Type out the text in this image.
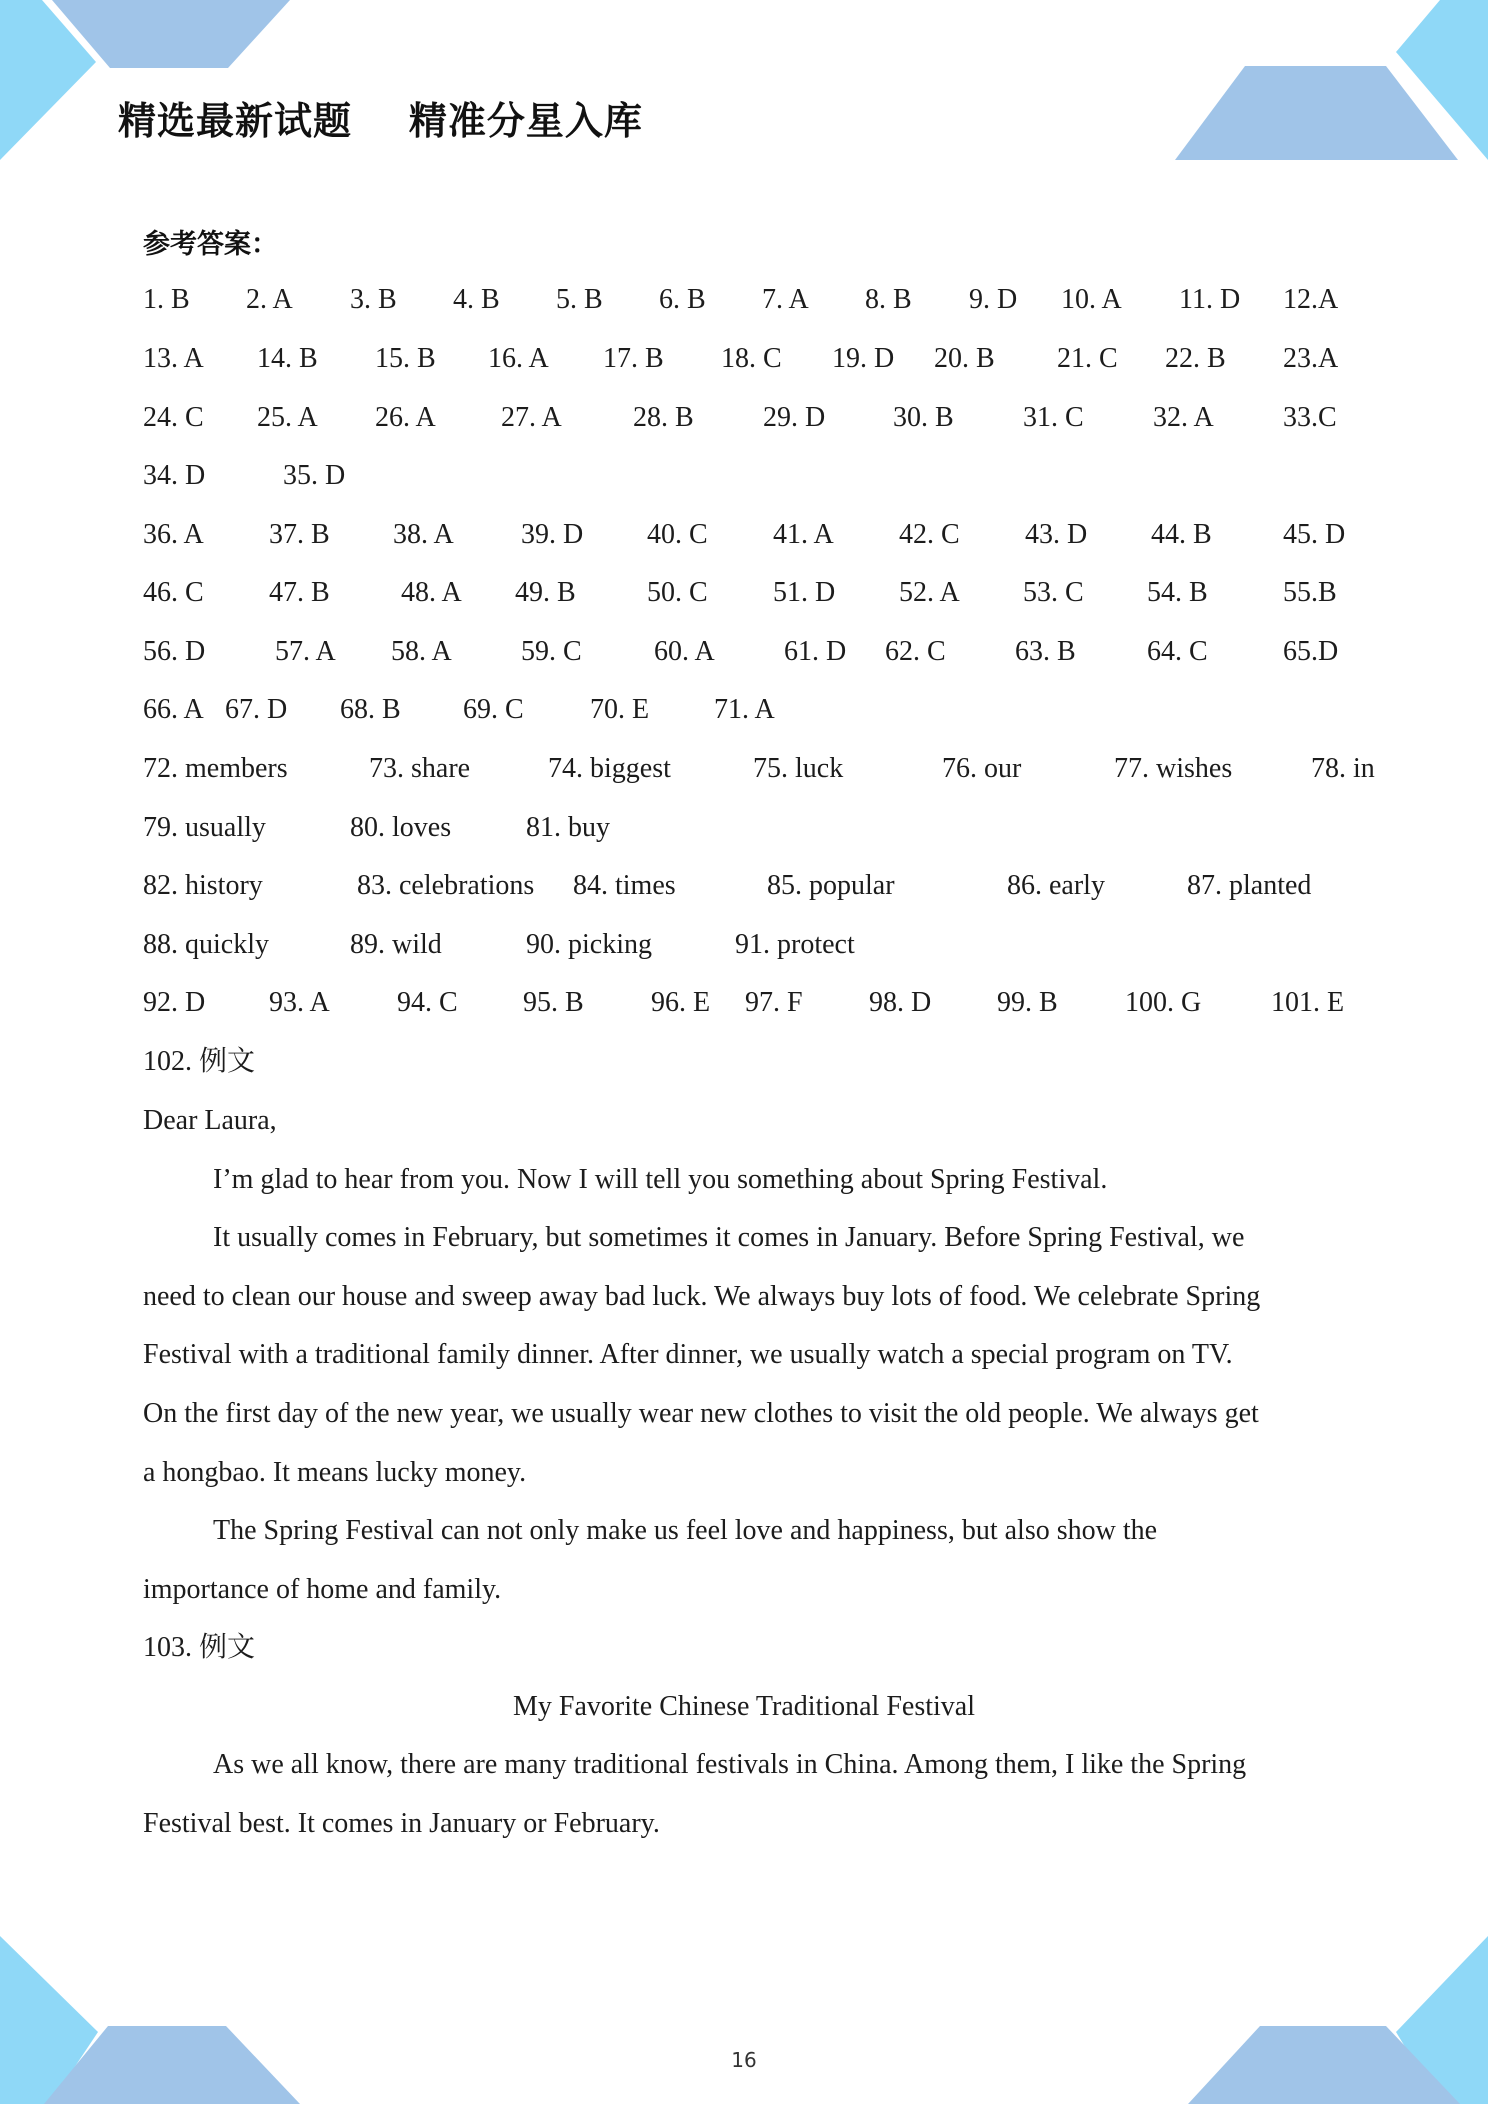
精选最新试题    精准分星入库
参考答案：
1. B 2. A 3. B 4. B 5. B 6. B 7. A 8. B 9. D 10. A 11. D 12.A
13. A 14. B 15. B 16. A 17. B 18. C 19. D 20. B 21. C 22. B 23.A
24. C 25. A 26. A 27. A	28. B 29. D 30. B 31. C 32. A 33.C
34. D	35. D
36. A 37. B 38. A 39. D 40. C 41. A 42. C 43. D 44. B	45. D
46. C 47. B	48. A 49. B	50. C 51. D 52. A 53. C 54. B	55.B
56. D 57. A 58. A 59. C	60. A 61. D 62. C 63. B	64. C	65.D
66. A 67. D 68. B 69. C 70. E 71. A
72. members	73. share	74. biggest	75. luck	76. our	77. wishes	78. in
79. usually	80. loves	81. buy
82. history	83. celebrations 84. times	85. popular	86. early	87. planted
88. quickly	89. wild	90. picking	91. protect
92. D 93. A 94. C 95. B 96. E 97. F 98. D 99. B 100. G 101. E
102. 例文
Dear Laura,
I’m glad to hear from you. Now I will tell you something about Spring Festival.
It usually comes in February, but sometimes it comes in January. Before Spring Festival, we
need to clean our house and sweep away bad luck. We always buy lots of food. We celebrate Spring
Festival with a traditional family dinner. After dinner, we usually watch a special program on TV.
On the first day of the new year, we usually wear new clothes to visit the old people. We always get
a hongbao. It means lucky money.
The Spring Festival can not only make us feel love and happiness, but also show the
importance of home and family.
103. 例文
My Favorite Chinese Traditional Festival
As we all know, there are many traditional festivals in China. Among them, I like the Spring
Festival best. It comes in January or February.
16
